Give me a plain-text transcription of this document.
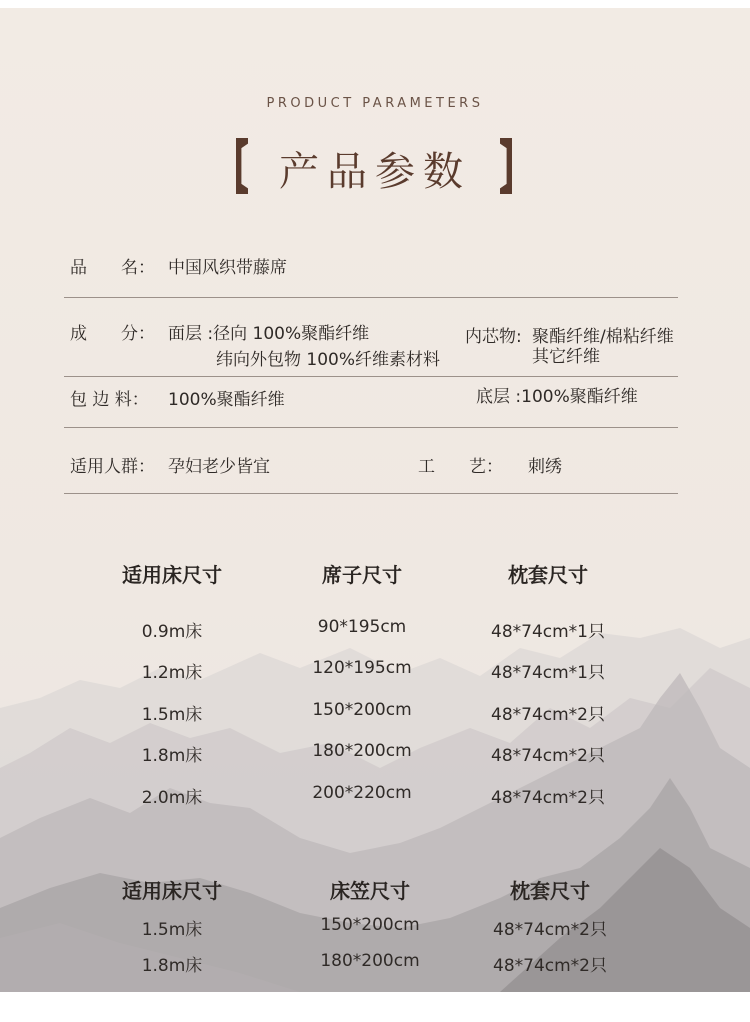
PRODUCT PARAMETERS
产品参数
品　　名： 中国风织带藤席
成　　分： 面层 :径向 100%聚酯纤维
纬向外包物 100%纤维素材料
内芯物: 聚酯纤维/棉粘纤维
其它纤维
包 边 料： 100%聚酯纤维	底层 :100%聚酯纤维
适用人群： 孕妇老少皆宜	工　　艺： 刺绣
适用床尺寸	席子尺寸	枕套尺寸
0.9m床	90*195cm	48*74cm*1只
1.2m床	120*195cm	48*74cm*1只
1.5m床	150*200cm	48*74cm*2只
1.8m床	180*200cm	48*74cm*2只
2.0m床	200*220cm	48*74cm*2只
适用床尺寸	床笠尺寸	枕套尺寸
1.5m床	150*200cm	48*74cm*2只
1.8m床	180*200cm	48*74cm*2只
